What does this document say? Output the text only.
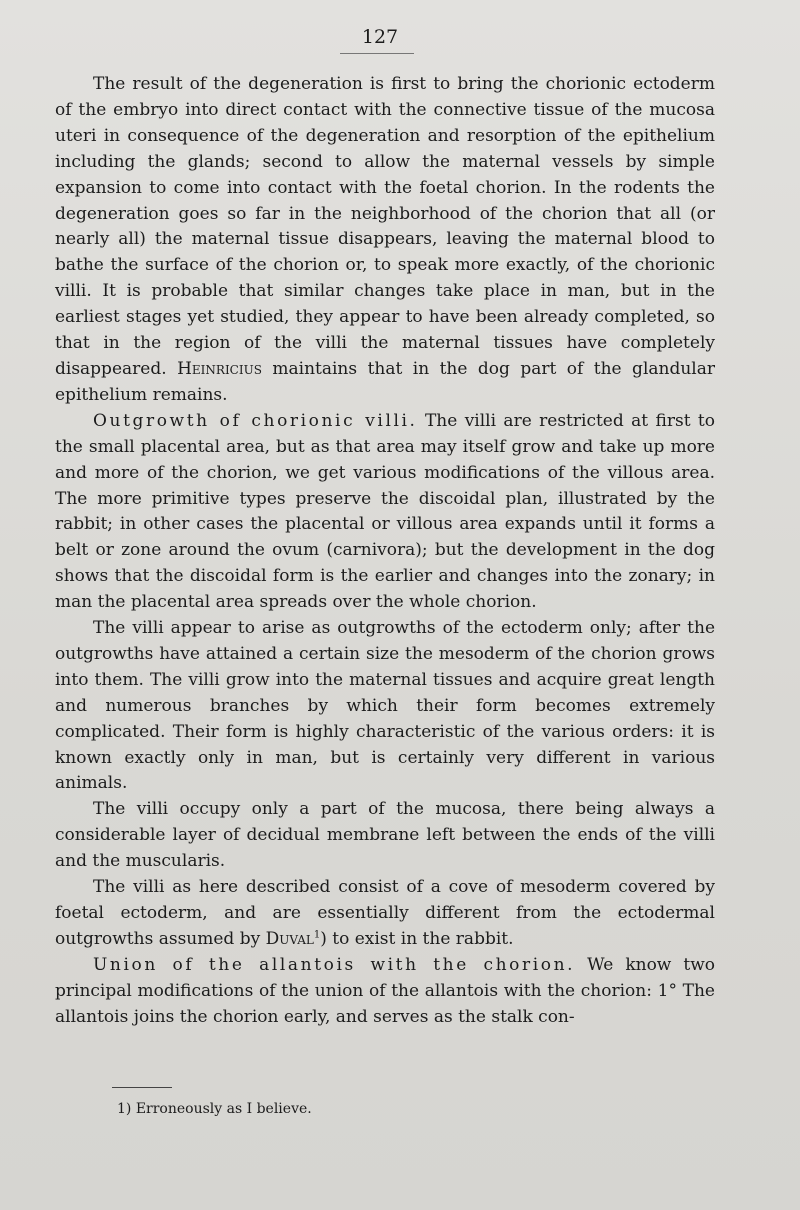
127

The result of the degeneration is first to bring the chorionic ectoderm of the embryo into direct contact with the connective tissue of the mucosa uteri in consequence of the degeneration and resorption of the epithelium including the glands; second to allow the maternal vessels by simple expansion to come into contact with the foetal chorion. In the rodents the degeneration goes so far in the neighborhood of the chorion that all (or nearly all) the maternal tissue disappears, leaving the maternal blood to bathe the surface of the chorion or, to speak more exactly, of the chorionic villi. It is probable that similar changes take place in man, but in the earliest stages yet studied, they appear to have been already completed, so that in the region of the villi the maternal tissues have completely disappeared. Heinricius maintains that in the dog part of the glandular epithelium remains.

Outgrowth of chorionic villi. The villi are restricted at first to the small placental area, but as that area may itself grow and take up more and more of the chorion, we get various modifications of the villous area. The more primitive types preserve the discoidal plan, illustrated by the rabbit; in other cases the placental or villous area expands until it forms a belt or zone around the ovum (carnivora); but the development in the dog shows that the discoidal form is the earlier and changes into the zonary; in man the placental area spreads over the whole chorion.

The villi appear to arise as outgrowths of the ectoderm only; after the outgrowths have attained a certain size the mesoderm of the chorion grows into them. The villi grow into the maternal tissues and acquire great length and numerous branches by which their form becomes extremely complicated. Their form is highly characteristic of the various orders: it is known exactly only in man, but is certainly very different in various animals.

The villi occupy only a part of the mucosa, there being always a considerable layer of decidual membrane left between the ends of the villi and the muscularis.

The villi as here described consist of a cove of mesoderm covered by foetal ectoderm, and are essentially different from the ectodermal outgrowths assumed by Duval$^1$) to exist in the rabbit.

Union of the allantois with the chorion. We know two principal modifications of the union of the allantois with the chorion: 1° The allantois joins the chorion early, and serves as the stalk con-

1) Erroneously as I believe.
